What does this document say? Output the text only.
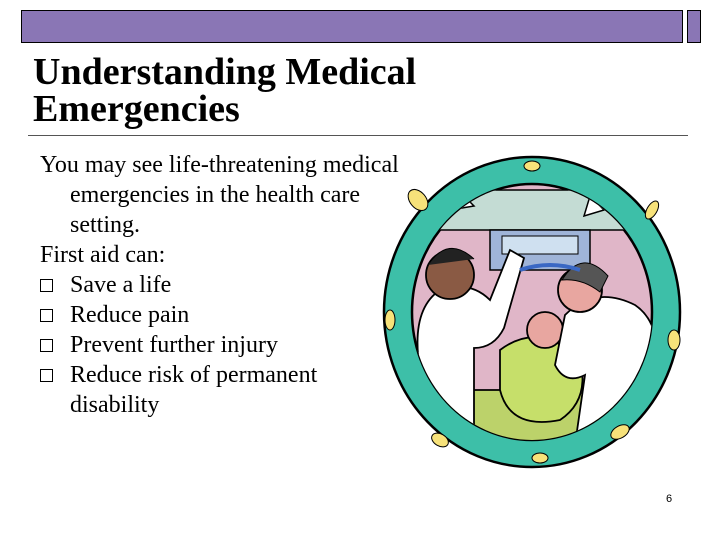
Understanding Medical
Emergencies

You may see life-threatening medical emergencies in the health care setting.

First aid can:

Save a life
Reduce pain
Prevent further injury
Reduce risk of permanent disability
6
